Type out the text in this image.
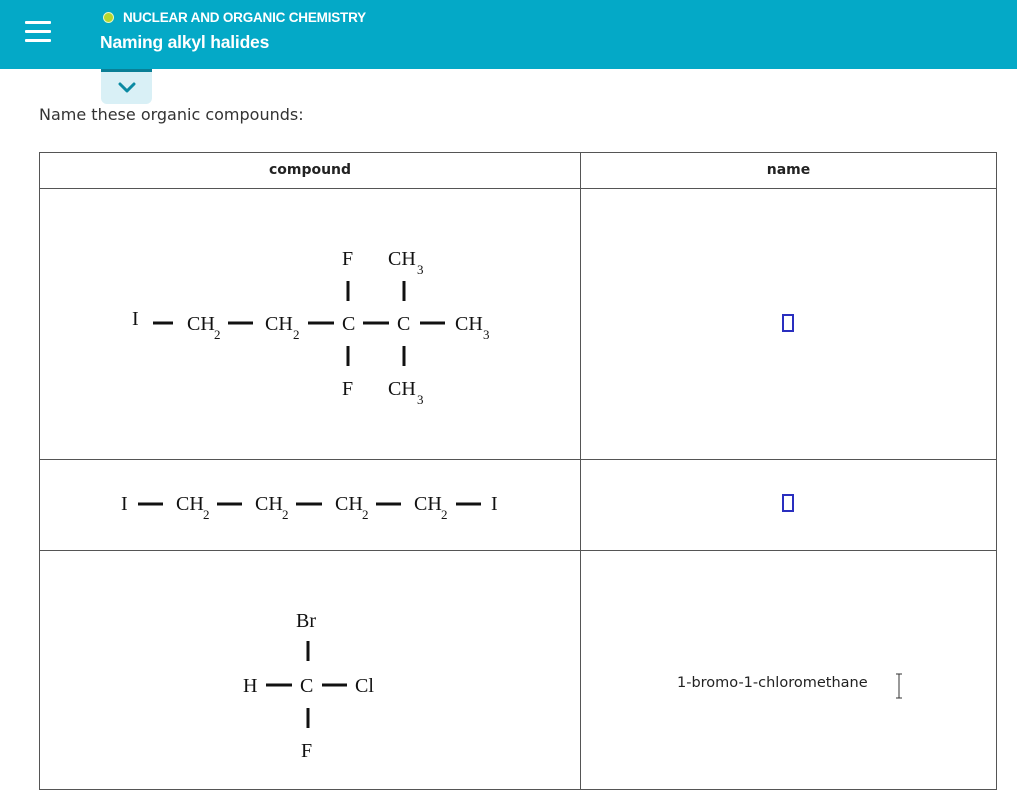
NUCLEAR AND ORGANIC CHEMISTRY
Naming alkyl halides
Name these organic compounds:
compound	name
I CH 2 CH 2 C C CH 3
F
F
CH 3
CH 3
I CH 2 CH 2 CH 2 CH 2 I
Br
H C Cl
F
1-bromo-1-chloromethane
